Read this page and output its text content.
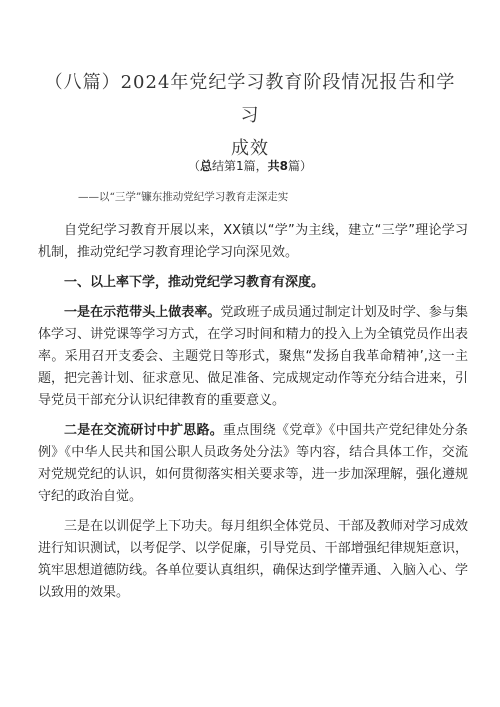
（八篇）2024年党纪学习教育阶段情况报告和学习
成效
（总结第1篇，共8篇）
——以“三学”镰东推动党纪学习教育走深走实

自党纪学习教育开展以来，XX镇以“学”为主线，建立“三学”理论学习机制，推动党纪学习教育理论学习向深见效。

一、以上率下学，推动党纪学习教育有深度。

一是在示范带头上做表率。党政班子成员通过制定计划及时学、参与集体学习、讲党课等学习方式，在学习时间和精力的投入上为全镇党员作出表率。采用召开支委会、主题党日等形式，聚焦“发扬自我革命精神’,这一主题，把完善计划、征求意见、做足准备、完成规定动作等充分结合进来，引导党员干部充分认识纪律教育的重要意义。

二是在交流研讨中扩思路。重点围绕《党章》《中国共产党纪律处分条例》《中华人民共和国公职人员政务处分法》等内容，结合具体工作，交流对党规党纪的认识，如何贯彻落实相关要求等，进一步加深理解，强化遵规守纪的政治自觉。

三是在以训促学上下功夫。每月组织全体党员、干部及教师对学习成效进行知识测试，以考促学、以学促廉，引导党员、干部增强纪律规矩意识，筑牢思想道德防线。各单位要认真组织，确保达到学懂弄通、入脑入心、学以致用的效果。
